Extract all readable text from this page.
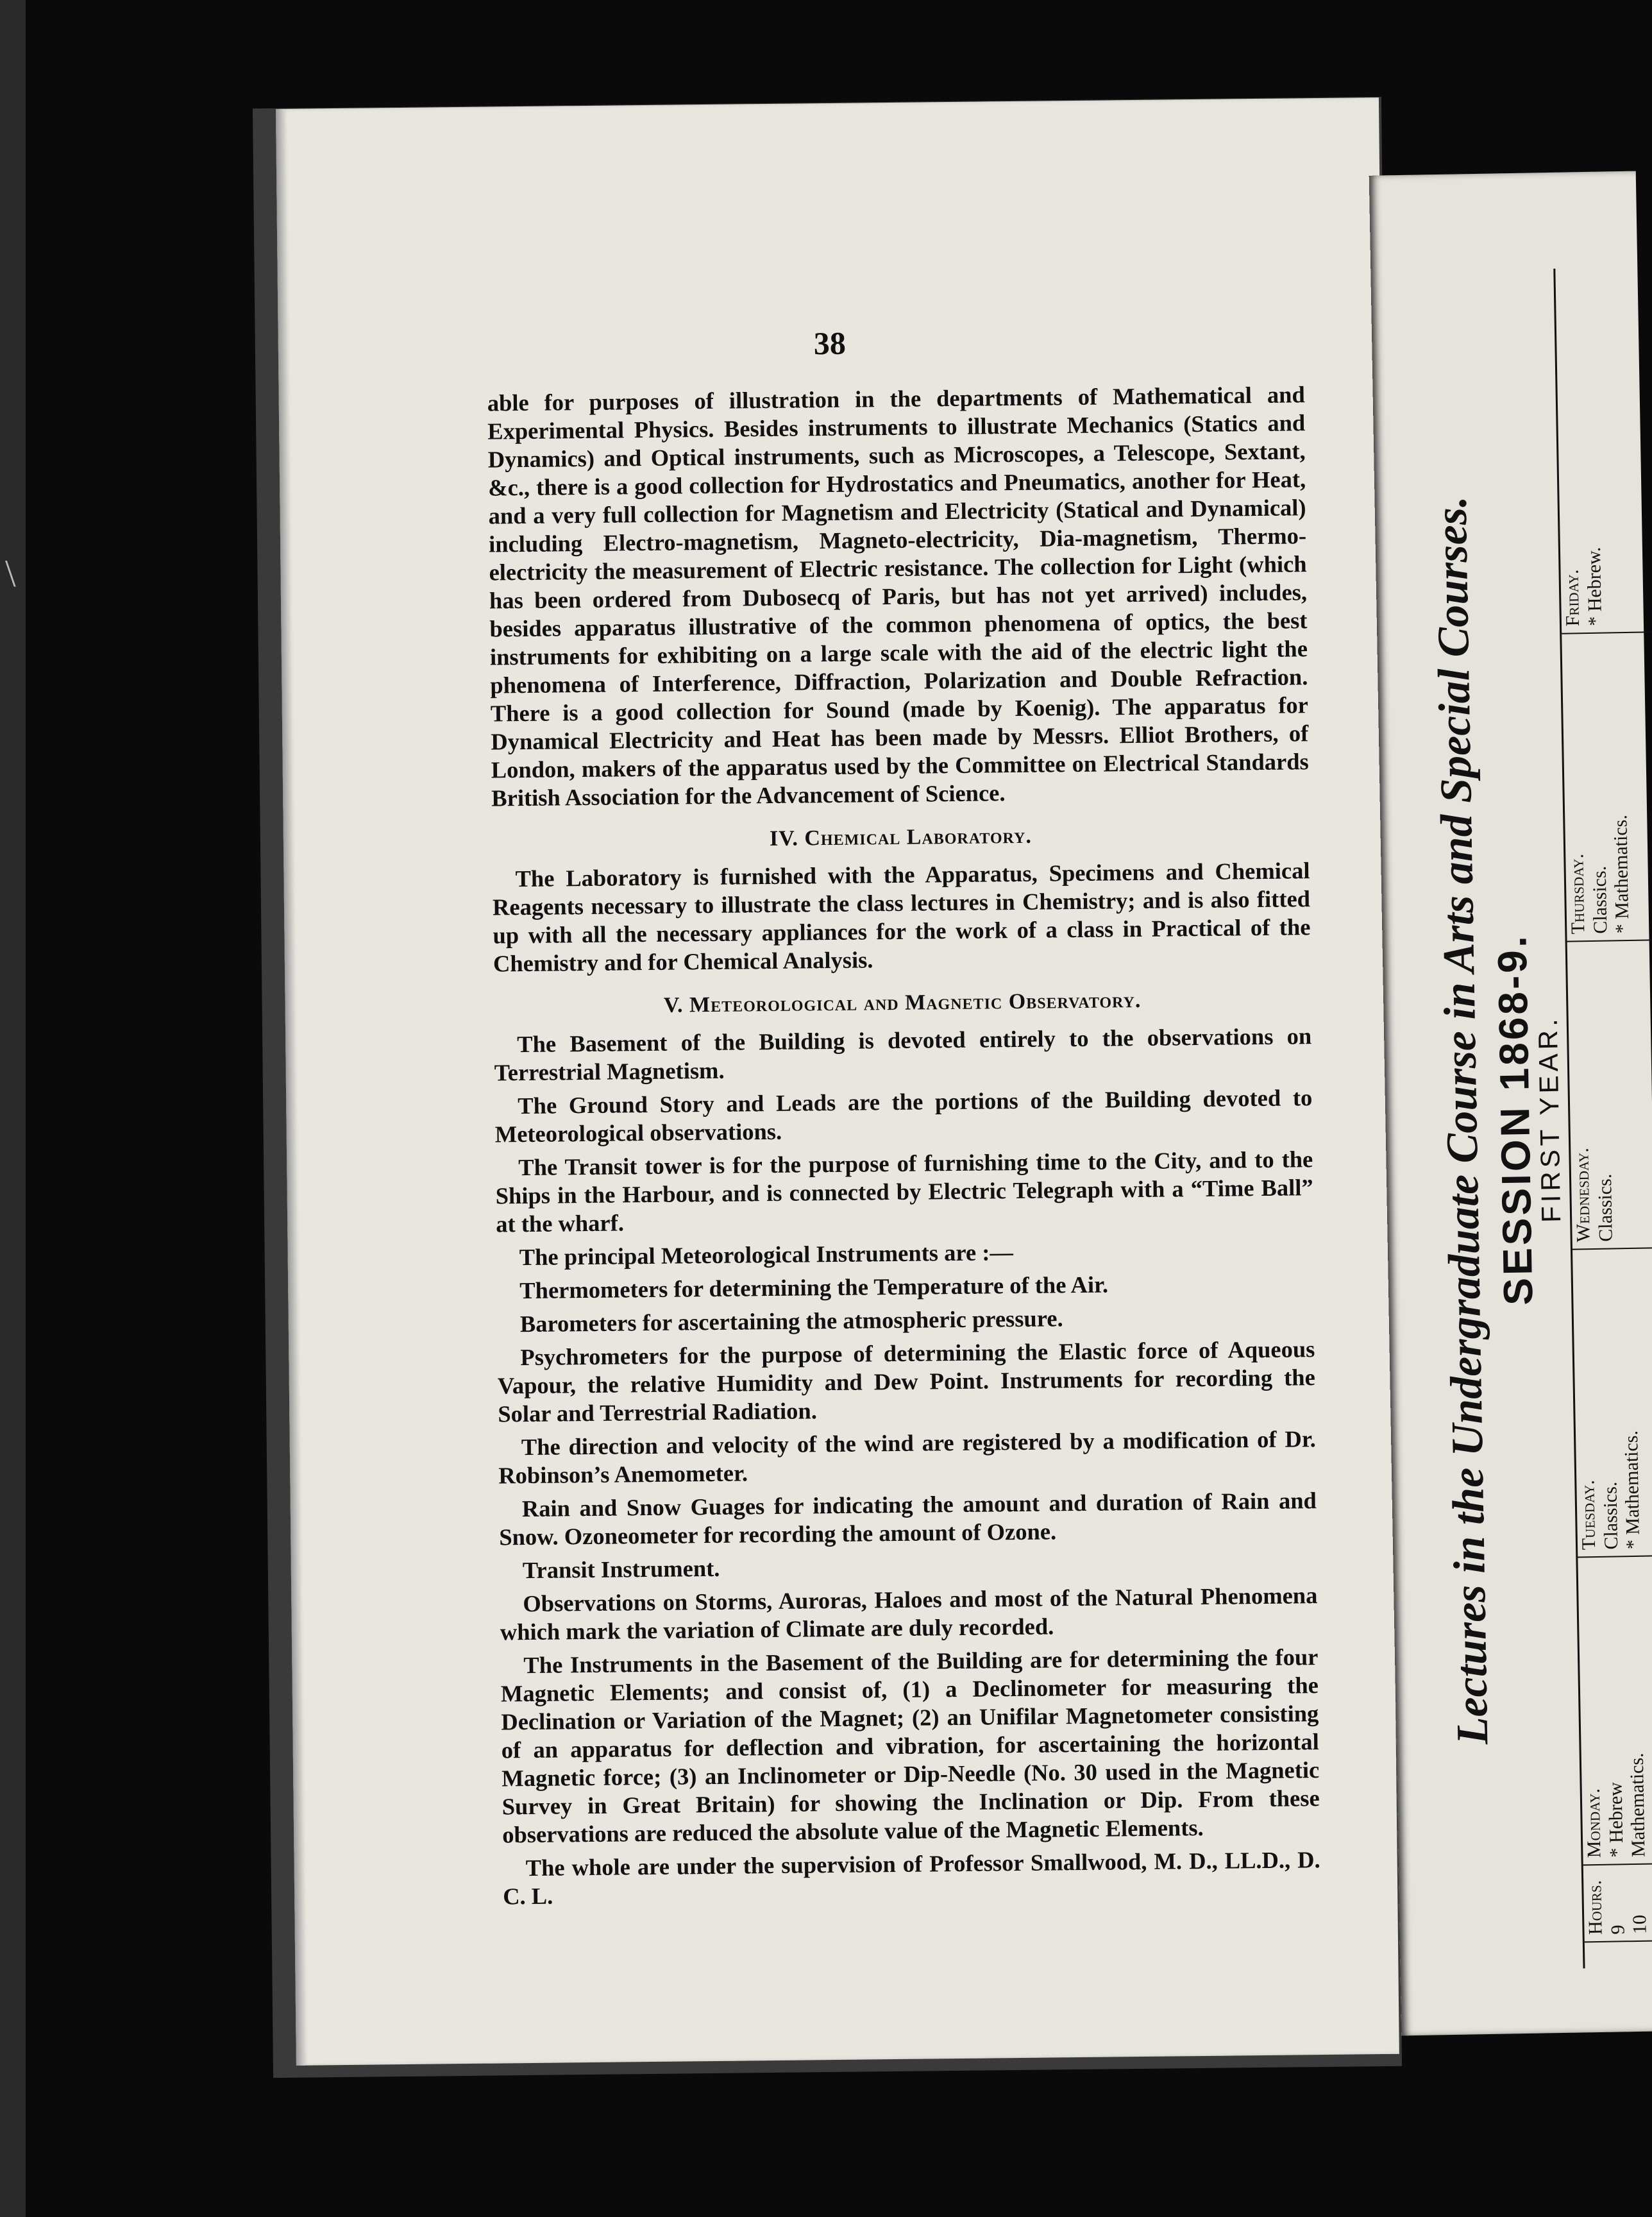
\

38

able for purposes of illustration in the departments of Mathematical and Experimental Physics. Besides instruments to illustrate Mechanics (Statics and Dynamics) and Optical instruments, such as Microscopes, a Telescope, Sextant, &c., there is a good collection for Hydrostatics and Pneumatics, another for Heat, and a very full collection for Magnetism and Electricity (Statical and Dynamical) including Electro-magnetism, Magneto-electricity, Dia-magnetism, Thermo-electricity the measurement of Electric resistance. The collection for Light (which has been ordered from Dubosecq of Paris, but has not yet arrived) includes, besides apparatus illustrative of the common phenomena of optics, the best instruments for exhibiting on a large scale with the aid of the electric light the phenomena of Interference, Diffraction, Polarization and Double Refraction. There is a good collection for Sound (made by Koenig). The apparatus for Dynamical Electricity and Heat has been made by Messrs. Elliot Brothers, of London, makers of the apparatus used by the Committee on Electrical Standards British Association for the Advancement of Science.

IV. Chemical Laboratory.

The Laboratory is furnished with the Apparatus, Specimens and Chemical Reagents necessary to illustrate the class lectures in Chemistry; and is also fitted up with all the necessary appliances for the work of a class in Practical of the Chemistry and for Chemical Analysis.

V. Meteorological and Magnetic Observatory.

The Basement of the Building is devoted entirely to the observations on Terrestrial Magnetism.

The Ground Story and Leads are the portions of the Building devoted to Meteorological observations.

The Transit tower is for the purpose of furnishing time to the City, and to the Ships in the Harbour, and is connected by Electric Telegraph with a “Time Ball” at the wharf.

The principal Meteorological Instruments are :—

Thermometers for determining the Temperature of the Air.

Barometers for ascertaining the atmospheric pressure.

Psychrometers for the purpose of determining the Elastic force of Aqueous Vapour, the relative Humidity and Dew Point. Instruments for recording the Solar and Terrestrial Radiation.

The direction and velocity of the wind are registered by a modification of Dr. Robinson’s Anemometer.

Rain and Snow Guages for indicating the amount and duration of Rain and Snow. Ozoneometer for recording the amount of Ozone.

Transit Instrument.

Observations on Storms, Auroras, Haloes and most of the Natural Phenomena which mark the variation of Climate are duly recorded.

The Instruments in the Basement of the Building are for determining the four Magnetic Elements; and consist of, (1) a Declinometer for measuring the Declination or Variation of the Magnet; (2) an Unifilar Magnetometer consisting of an apparatus for deflection and vibration, for ascertaining the horizontal Magnetic force; (3) an Inclinometer or Dip-Needle (No. 30 used in the Magnetic Survey in Great Britain) for showing the Inclination or Dip. From these observations are reduced the absolute value of the Magnetic Elements.

The whole are under the supervision of Professor Smallwood, M. D., LL.D., D. C. L.

Lectures in the Undergraduate Course in Arts and Special Courses.
SESSION 1868-9.
FIRST YEAR.
Hours. 9 10
Monday. * Hebrew
Mathematics.
Tuesday. Classics.
* Mathematics.
Wednesday. Classics.
Thursday. Classics.
* Mathematics.
Friday. * Hebrew.
